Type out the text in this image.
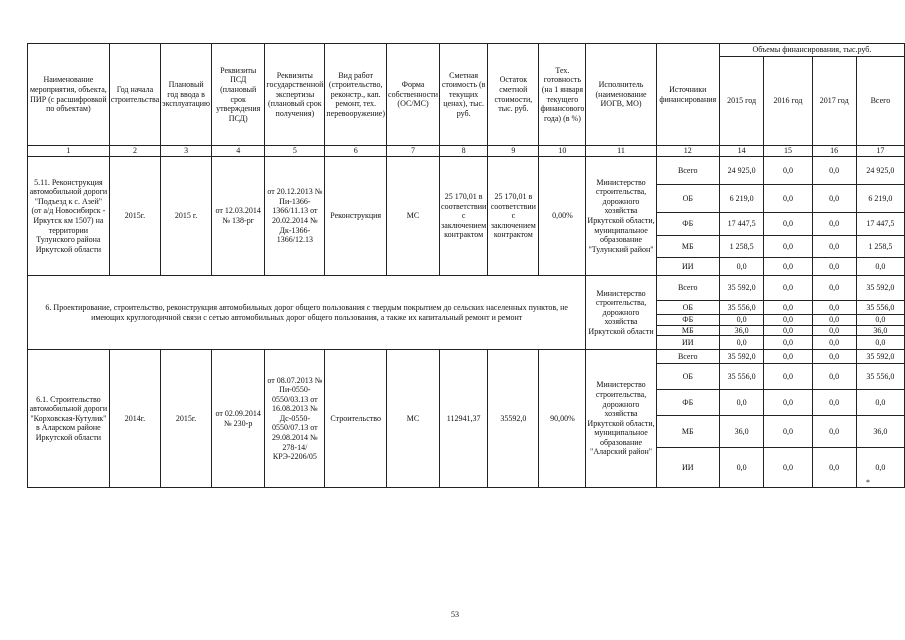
Наименование мероприятия, объекта, ПИР (с расшифровкой по объектам)	Год начала строительства	Плановый год ввода в эксплуатацию	Реквизиты ПСД (плановый срок утверждения ПСД)	Реквизиты государственной экспертизы (плановый срок получения)	Вид работ (строительство, реконстр., кап. ремонт, тех. перевооружение)	Форма собственности (ОС/МС)	Сметная стоимость (в текущих ценах), тыс. руб.	Остаток сметной стоимости, тыс. руб.	Тех. готовность (на 1 января текущего финансового года) (в %)	Исполнитель (наименование ИОГВ, МО)	Источники финансирования	Объемы финансирования, тыс.руб.			
												2015 год	2016 год	2017 год	Всего
1	2	3	4	5	6	7	8	9	10	11	12	14	15	16	17
5.11. Реконструкция автомобильной дороги "Подъезд к с. Азей" (от а/д Новосибирск - Иркутск км 1507) на территории Тулунского района Иркутской области	2015г.	2015 г.	от 12.03.2014 № 138-рг	от 20.12.2013 № Пи-1366-1366/11.13 от 20.02.2014 № Дк-1366-1366/12.13	Реконструкция	МС	25 170,01 в соответствии с заключением контрактом	25 170,01 в соответствии с заключением контрактом	0,00%	Министерство строительства, дорожного хозяйства Иркутской области, муниципальное образование "Тулунский район"	Всего	24 925,0	0,0	0,0	24 925,0
											ОБ	6 219,0	0,0	0,0	6 219,0
											ФБ	17 447,5	0,0	0,0	17 447,5
											МБ	1 258,5	0,0	0,0	1 258,5
											ИИ	0,0	0,0	0,0	0,0
6. Проектирование, строительство, реконструкция автомобильных дорог общего пользования с твердым покрытием до сельских населенных пунктов, не имеющих круглогодичной связи с сетью автомобильных дорог общего пользования, а также их капитальный ремонт и ремонт										Министерство строительства, дорожного хозяйства Иркутской области	Всего	35 592,0	0,0	0,0	35 592,0
											ОБ	35 556,0	0,0	0,0	35 556,0
											ФБ	0,0	0,0	0,0	0,0
											МБ	36,0	0,0	0,0	36,0
											ИИ	0,0	0,0	0,0	0,0
6.1. Строительство автомобильной дороги "Корховская-Кутулик" в Аларском районе Иркутской области	2014г.	2015г.	от 02.09.2014 № 230-р	от 08.07.2013 № Пи-0550-0550/03.13 от 16.08.2013 № Дс-0550-0550/07.13 от 29.08.2014 № 278-14/КРЭ-2206/05	Строительство	МС	112941,37	35592,0	90,00%	Министерство строительства, дорожного хозяйства Иркутской области, муниципальное образование "Аларский район"	Всего	35 592,0	0,0	0,0	35 592,0
											ОБ	35 556,0	0,0	0,0	35 556,0
											ФБ	0,0	0,0	0,0	0,0
											МБ	36,0	0,0	0,0	36,0
											ИИ	0,0	0,0	0,0	0,0
*
53
